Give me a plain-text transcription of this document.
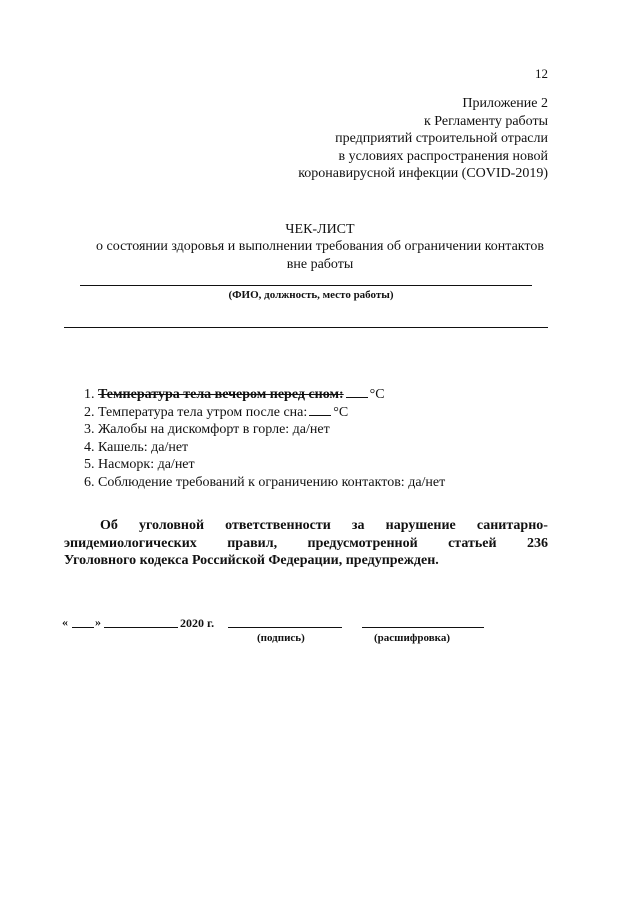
12
Приложение 2
к Регламенту работы
предприятий строительной отрасли
в условиях распространения новой
коронавирусной инфекции (COVID-2019)
ЧЕК-ЛИСТ
о состоянии здоровья и выполнении требования об ограничении контактов
вне работы
(ФИО, должность, место работы)
1. Температура тела вечером перед сном: °C
2. Температура тела утром после сна: °C
3. Жалобы на дискомфорт в горле: да/нет
4. Кашель: да/нет
5. Насморк: да/нет
6. Соблюдение требований к ограничению контактов: да/нет
Об уголовной ответственности за нарушение санитарно-
эпидемиологических правил, предусмотренной статьей 236
Уголовного кодекса Российской Федерации, предупрежден.
« »	2020 г.
(подпись)	(расшифровка)
